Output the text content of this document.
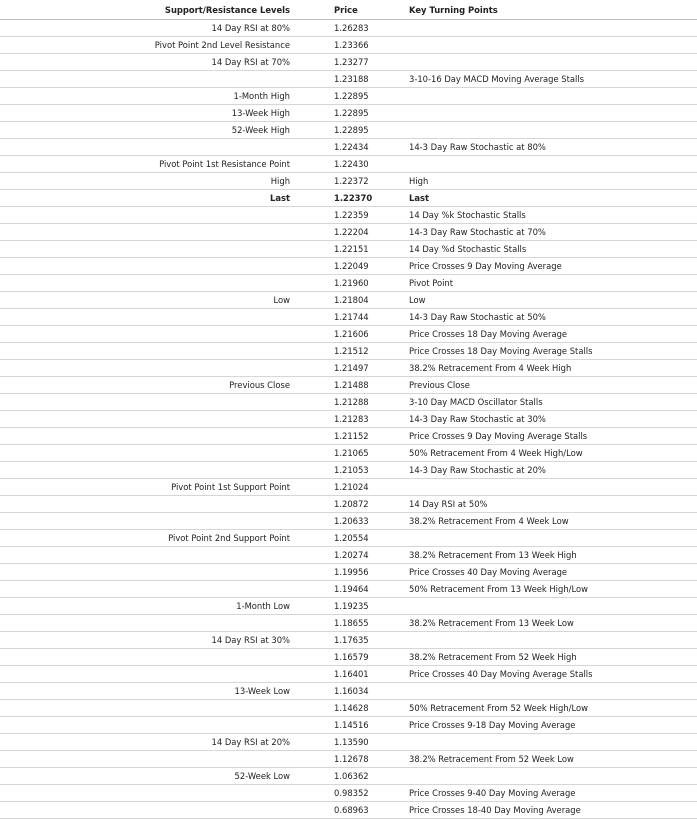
Support/Resistance Levels	Price	Key Turning Points
14 Day RSI at 80%	1.26283	
Pivot Point 2nd Level Resistance	1.23366	
14 Day RSI at 70%	1.23277	
	1.23188	3-10-16 Day MACD Moving Average Stalls
1-Month High	1.22895	
13-Week High	1.22895	
52-Week High	1.22895	
	1.22434	14-3 Day Raw Stochastic at 80%
Pivot Point 1st Resistance Point	1.22430	
High	1.22372	High
Last	1.22370	Last
	1.22359	14 Day %k Stochastic Stalls
	1.22204	14-3 Day Raw Stochastic at 70%
	1.22151	14 Day %d Stochastic Stalls
	1.22049	Price Crosses 9 Day Moving Average
	1.21960	Pivot Point
Low	1.21804	Low
	1.21744	14-3 Day Raw Stochastic at 50%
	1.21606	Price Crosses 18 Day Moving Average
	1.21512	Price Crosses 18 Day Moving Average Stalls
	1.21497	38.2% Retracement From 4 Week High
Previous Close	1.21488	Previous Close
	1.21288	3-10 Day MACD Oscillator Stalls
	1.21283	14-3 Day Raw Stochastic at 30%
	1.21152	Price Crosses 9 Day Moving Average Stalls
	1.21065	50% Retracement From 4 Week High/Low
	1.21053	14-3 Day Raw Stochastic at 20%
Pivot Point 1st Support Point	1.21024	
	1.20872	14 Day RSI at 50%
	1.20633	38.2% Retracement From 4 Week Low
Pivot Point 2nd Support Point	1.20554	
	1.20274	38.2% Retracement From 13 Week High
	1.19956	Price Crosses 40 Day Moving Average
	1.19464	50% Retracement From 13 Week High/Low
1-Month Low	1.19235	
	1.18655	38.2% Retracement From 13 Week Low
14 Day RSI at 30%	1.17635	
	1.16579	38.2% Retracement From 52 Week High
	1.16401	Price Crosses 40 Day Moving Average Stalls
13-Week Low	1.16034	
	1.14628	50% Retracement From 52 Week High/Low
	1.14516	Price Crosses 9-18 Day Moving Average
14 Day RSI at 20%	1.13590	
	1.12678	38.2% Retracement From 52 Week Low
52-Week Low	1.06362	
	0.98352	Price Crosses 9-40 Day Moving Average
	0.68963	Price Crosses 18-40 Day Moving Average
